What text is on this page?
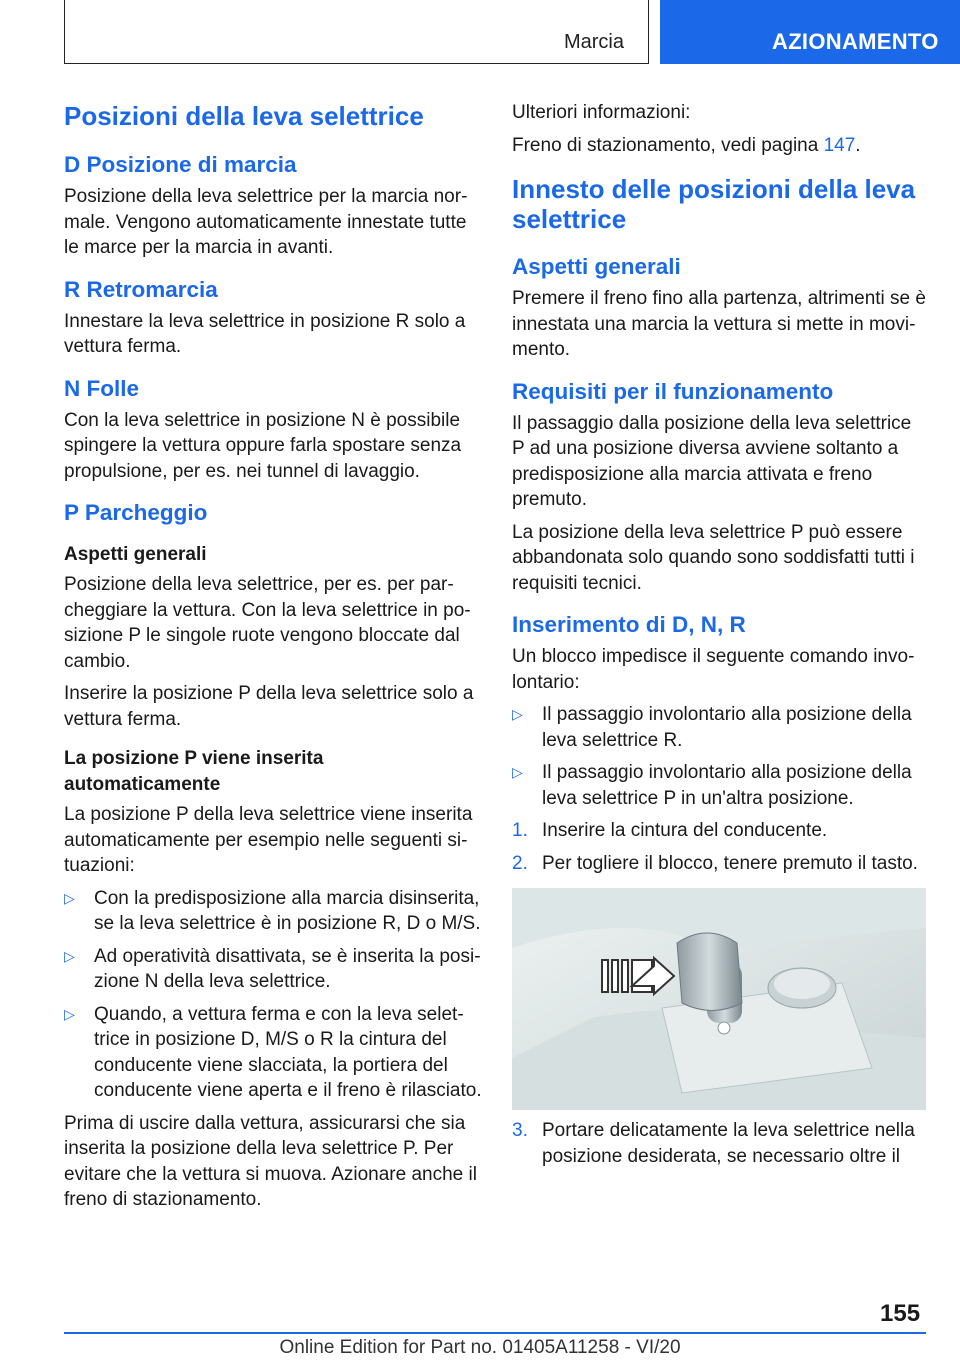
Marcia	AZIONAMENTO
Posizioni della leva selettrice
D Posizione di marcia

Posizione della leva selettrice per la marcia normale. Vengono automaticamente innestate tutte le marce per la marcia in avanti.

R Retromarcia

Innestare la leva selettrice in posizione R solo a vettura ferma.

N Folle

Con la leva selettrice in posizione N è possibile spingere la vettura oppure farla spostare senza propulsione, per es. nei tunnel di lavaggio.

P Parcheggio
Aspetti generali

Posizione della leva selettrice, per es. per parcheggiare la vettura. Con la leva selettrice in posizione P le singole ruote vengono bloccate dal cambio.

Inserire la posizione P della leva selettrice solo a vettura ferma.

La posizione P viene inserita automaticamente

La posizione P della leva selettrice viene inserita automaticamente per esempio nelle seguenti situazioni:

▷	Con la predisposizione alla marcia disinserita, se la leva selettrice è in posizione R, D o M/S.
▷	Ad operatività disattivata, se è inserita la posizione N della leva selettrice.
▷	Quando, a vettura ferma e con la leva selettrice in posizione D, M/S o R la cintura del conducente viene slacciata, la portiera del conducente viene aperta e il freno è rilasciato.

Prima di uscire dalla vettura, assicurarsi che sia inserita la posizione della leva selettrice P. Per evitare che la vettura si muova. Azionare anche il freno di stazionamento.

Ulteriori informazioni:

Freno di stazionamento, vedi pagina 147.

Innesto delle posizioni della leva selettrice
Aspetti generali

Premere il freno fino alla partenza, altrimenti se è innestata una marcia la vettura si mette in movimento.

Requisiti per il funzionamento

Il passaggio dalla posizione della leva selettrice P ad una posizione diversa avviene soltanto a predisposizione alla marcia attivata e freno premuto.

La posizione della leva selettrice P può essere abbandonata solo quando sono soddisfatti tutti i requisiti tecnici.

Inserimento di D, N, R

Un blocco impedisce il seguente comando involontario:

▷	Il passaggio involontario alla posizione della leva selettrice R.
▷	Il passaggio involontario alla posizione della leva selettrice P in un'altra posizione.
1. Inserire la cintura del conducente.
2. Per togliere il blocco, tenere premuto il tasto.
3. Portare delicatamente la leva selettrice nella posizione desiderata, se necessario oltre il
155
Online Edition for Part no. 01405A11258 - VI/20
